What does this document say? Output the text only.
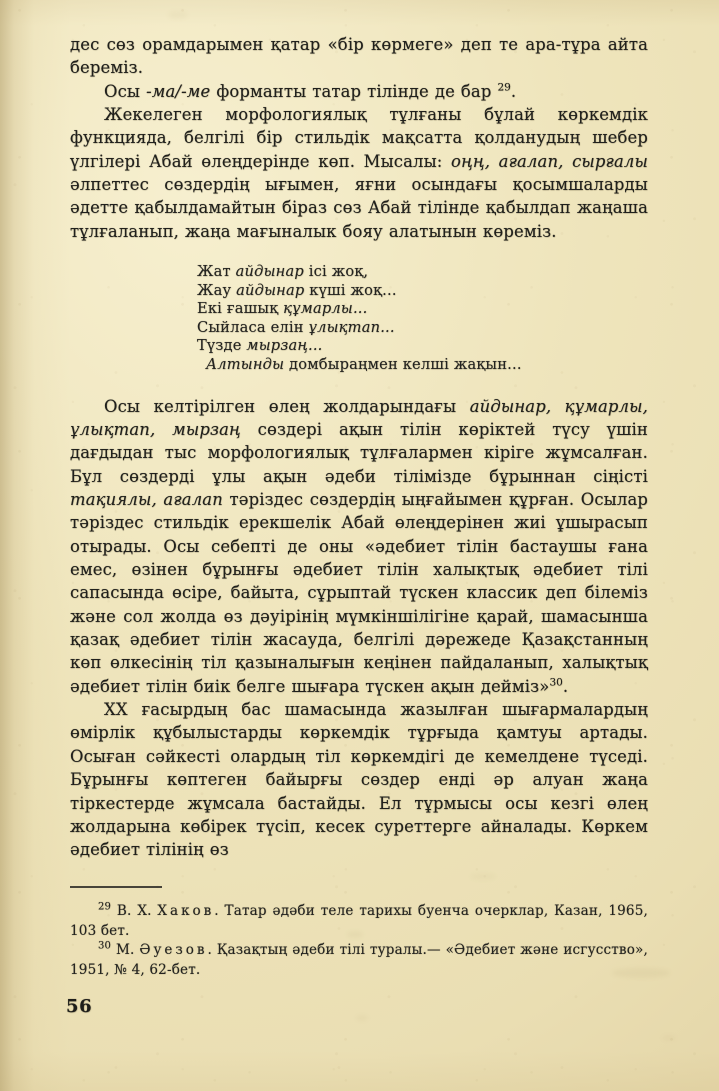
дес сөз орамдарымен қатар «бір көрмеге» деп те ара-тұра айта береміз.

Осы -ма/-ме форманты татар тілінде де бар $^{29}$.

Жекелеген морфологиялық тұлғаны бұлай көркемдік функцияда, белгілі бір стильдік мақсатта қолданудың шебер үлгілері Абай өлеңдерінде көп. Мысалы: оңң, ағалап, сырғалы әлпеттес сөздердің ығымен, яғни осындағы қосымшаларды әдетте қабылдамайтын біраз сөз Абай тілінде қабылдап жаңаша тұлғаланып, жаңа мағыналык бояу алатынын көреміз.

Жат айдынар ісі жоқ,
Жау айдынар күші жоқ...
Екі ғашық құмарлы...
Сыйласа елін ұлықтап...
Түзде мырзаң...
Алтынды домбыраңмен келші жақын...

Осы келтірілген өлең жолдарындағы айдынар, құмарлы, ұлықтап, мырзаң сөздері ақын тілін көріктей түсу үшін дағдыдан тыс морфологиялық тұлғалармен кіріге жұмсалған. Бұл сөздерді ұлы ақын әдеби тілімізде бұрыннан сіңісті тақиялы, ағалап тәріздес сөздердің ыңғайымен құрған. Осылар тәріздес стильдік ерекшелік Абай өлеңдерінен жиі ұшырасып отырады. Осы себепті де оны «әдебиет тілін бастаушы ғана емес, өзінен бұрынғы әдебиет тілін халықтық әдебиет тілі сапасында өсіре, байыта, сұрыптай түскен классик деп білеміз және сол жолда өз дәуірінің мүмкіншілігіне қарай, шамасынша қазақ әдебиет тілін жасауда, белгілі дәрежеде Қазақстанның көп өлкесінің тіл қазыналығын кеңінен пайдаланып, халықтық әдебиет тілін биік белге шығара түскен ақын дейміз»$^{30}$.

XX ғасырдың бас шамасында жазылған шығармалардың өмірлік құбылыстарды көркемдік тұрғыда қамтуы артады. Осыған сәйкесті олардың тіл көркемдігі де кемелдене түседі. Бұрынғы көптеген байырғы сөздер енді әр алуан жаңа тіркестерде жұмсала бастайды. Ел тұрмысы осы кезгі өлең жолдарына көбірек түсіп, кесек суреттерге айналады. Көркем әдебиет тілінің өз

$^{29}$ В. Х. Хаков. Татар әдәби теле тарихы буенча очерклар, Казан, 1965, 103 бет.

$^{30}$ М. Әуезов. Қазақтың әдеби тілі туралы.— «Әдебиет және исгусство», 1951, № 4, 62-бет.

56
